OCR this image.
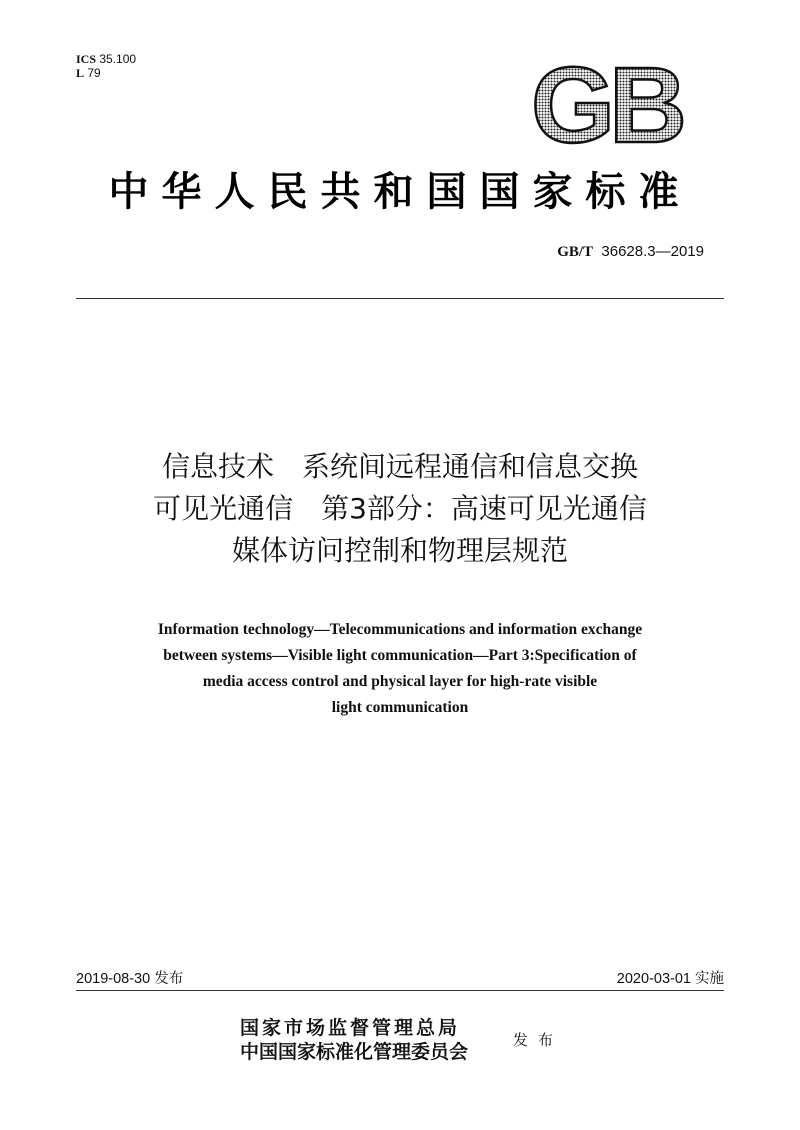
ICS 35.100
L 79	GB
中华人民共和国国家标准
GB/T 36628.3—2019
信息技术　系统间远程通信和信息交换
可见光通信　第3部分：高速可见光通信
媒体访问控制和物理层规范
Information technology—Telecommunications and information exchange
between systems—Visible light communication—Part 3:Specification of
media access control and physical layer for high-rate visible
light communication
2019-08-30 发布	2020-03-01 实施
国家市场监督管理总局
中国国家标准化管理委员会
发布
